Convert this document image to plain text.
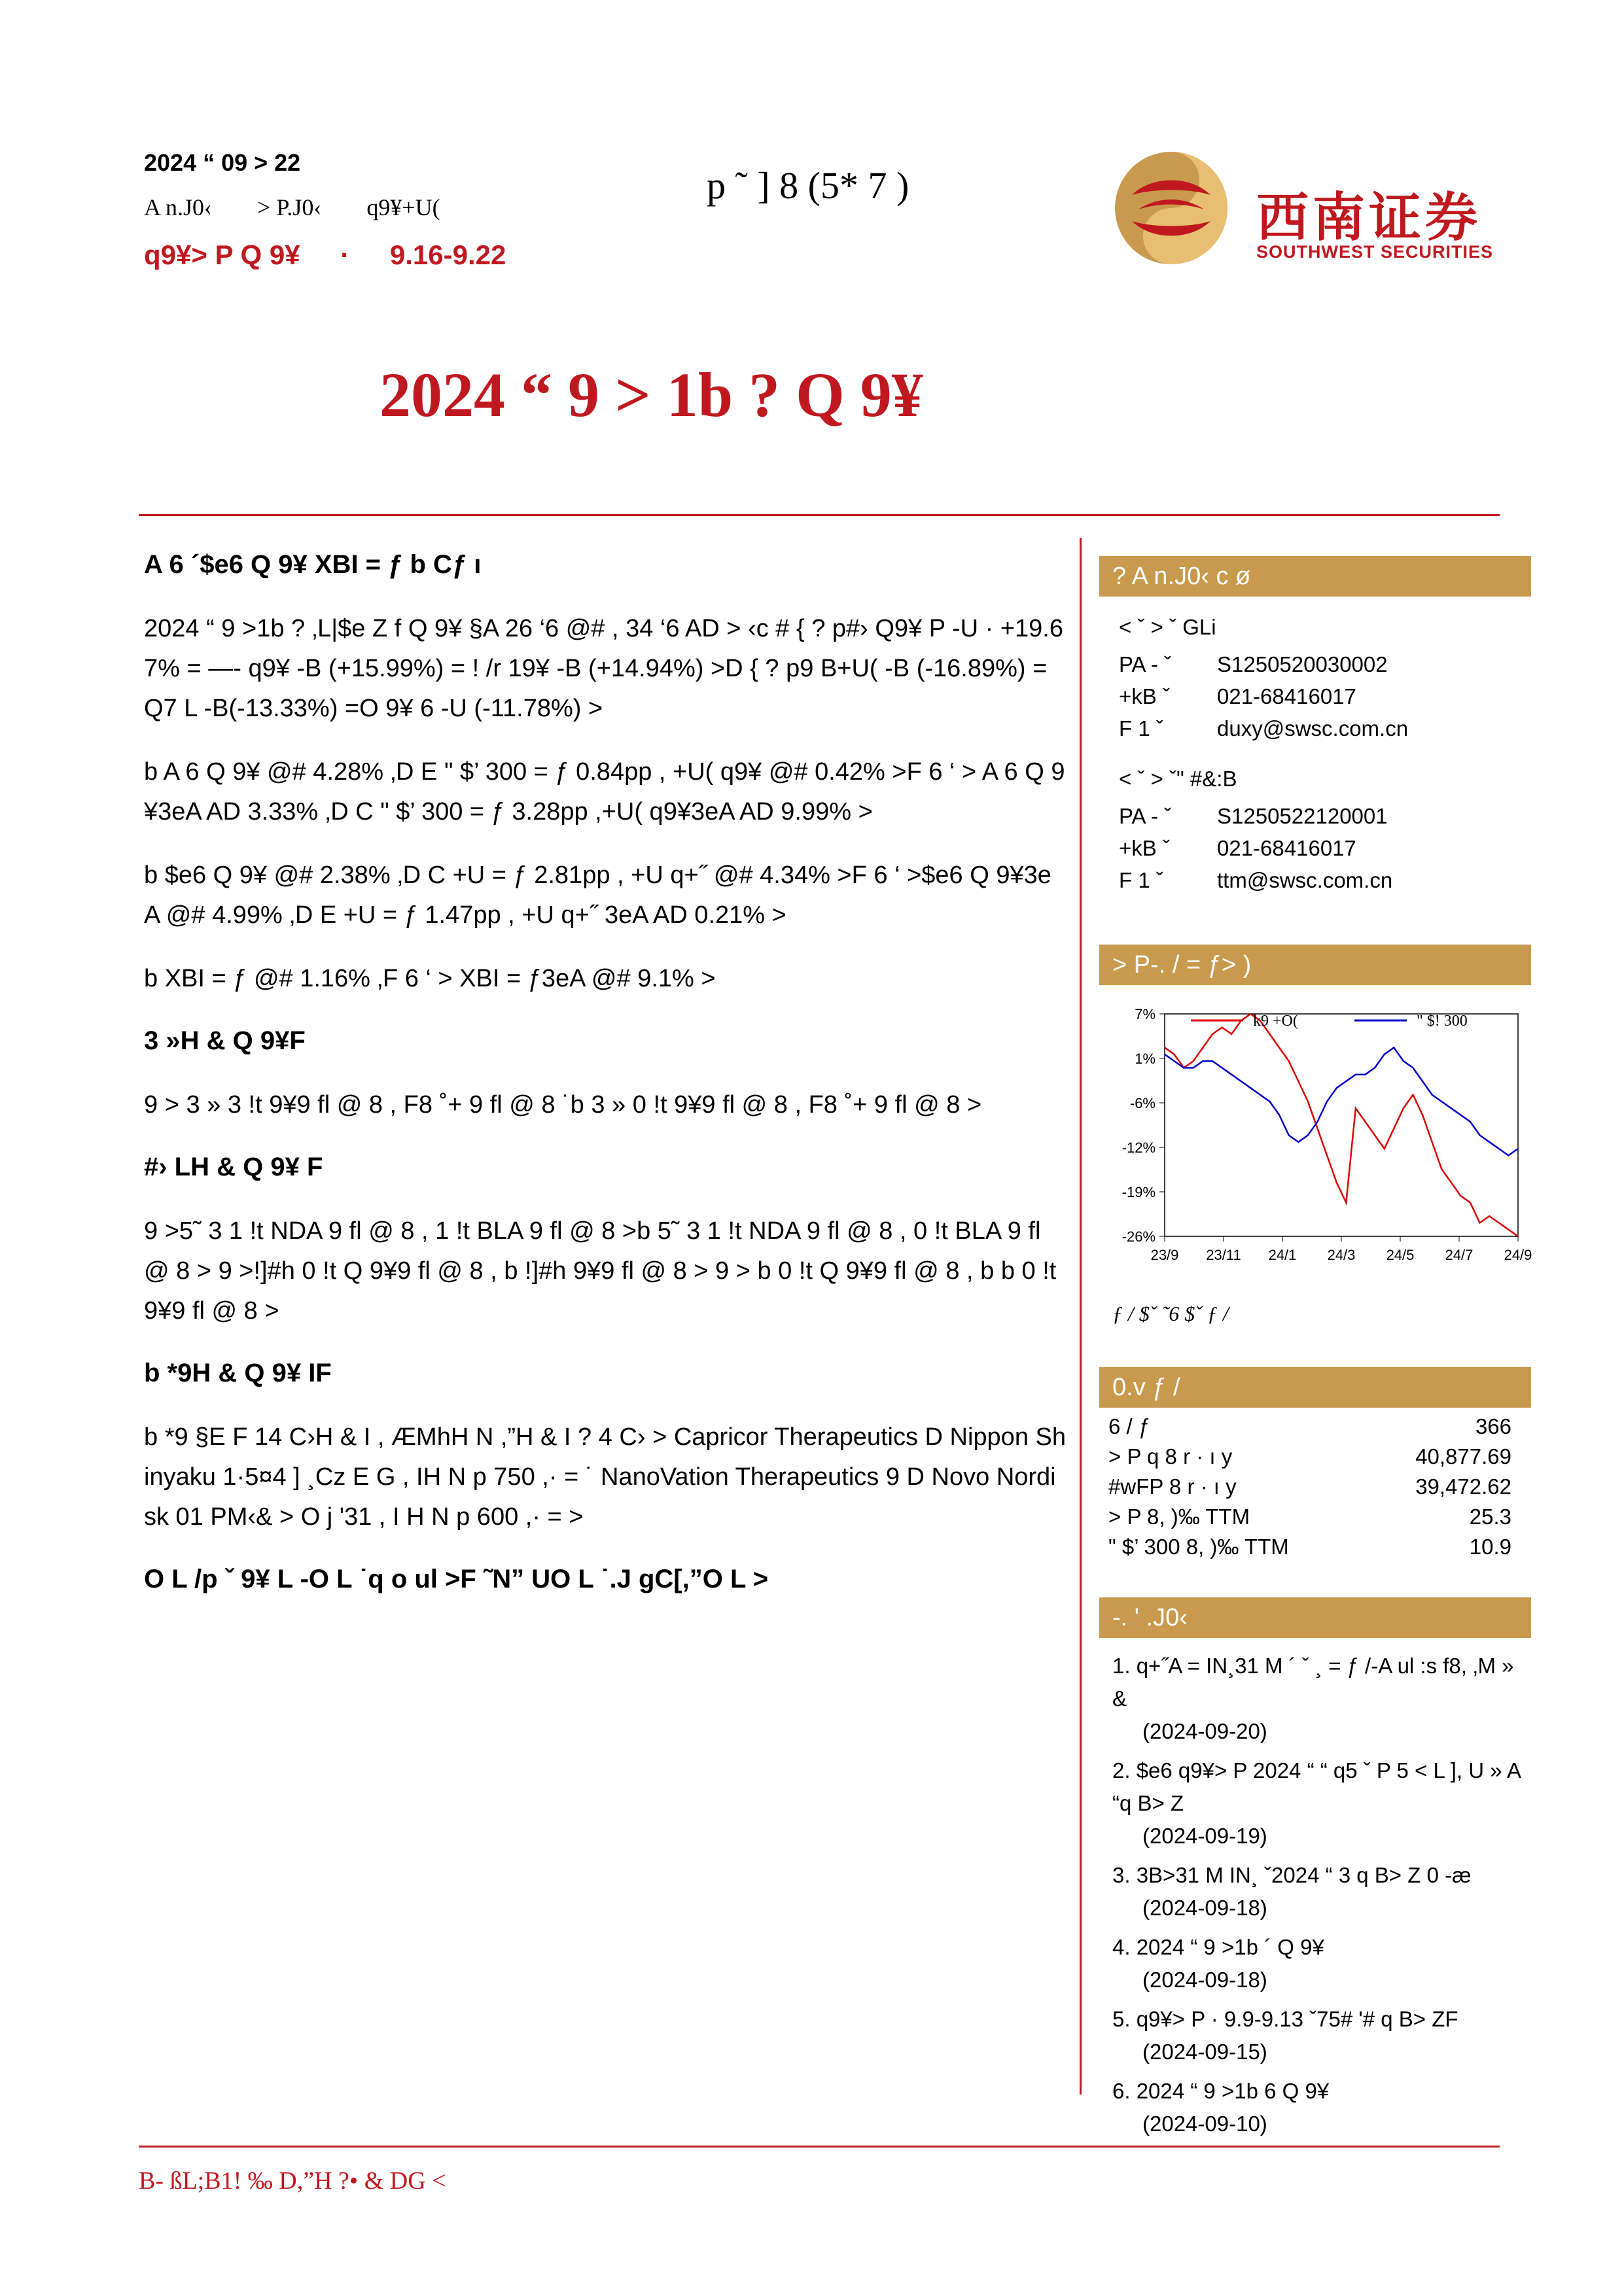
2024 “ 09 > 22
A n.J0‹ > P.J0‹ q9¥+U(
q9¥> P Q 9¥ · 9.16-9.22
p ˜ ] 8 (5* 7 )
西南证券
SOUTHWEST SECURITIES
2024 “ 9 > 1b ? Q 9¥
A 6 ´$e6 Q 9¥ XBI = ƒ b Cƒ ı
2024 “ 9 >1b ? ‚L|$e Z f Q 9¥ §A 26 ‘6 @# , 34 ‘6 AD > ‹c # { ? p#› Q9¥ P -U · +19.67% = —- q9¥ -B (+15.99%) = ! /r 19¥ -B (+14.94%) >D { ? p9 B+U( -B (-16.89%) = Q7 L -B(-13.33%) =O 9¥ 6 -U (-11.78%) >
b A 6 Q 9¥ @# 4.28% ‚D E " $’ 300 = ƒ 0.84pp , +U( q9¥ @# 0.42% >F 6 ‘ > A 6 Q 9¥3eA AD 3.33% ‚D C " $’ 300 = ƒ 3.28pp ,+U( q9¥3eA AD 9.99% >
b $e6 Q 9¥ @# 2.38% ‚D C +U = ƒ 2.81pp , +U q+˝ @# 4.34% >F 6 ‘ >$e6 Q 9¥3eA @# 4.99% ‚D E +U = ƒ 1.47pp , +U q+˝ 3eA AD 0.21% >
b XBI = ƒ @# 1.16% ‚F 6 ‘ > XBI = ƒ3eA @# 9.1% >
3 »H & Q 9¥F
9 > 3 » 3 !t 9¥9 fl @ 8 , F8 ˚+ 9 fl @ 8 ˙b 3 » 0 !t 9¥9 fl @ 8 , F8 ˚+ 9 fl @ 8 >
#› LH & Q 9¥ F
9 >5˜ 3 1 !t NDA 9 fl @ 8 , 1 !t BLA 9 fl @ 8 >b 5˜ 3 1 !t NDA 9 fl @ 8 , 0 !t BLA 9 fl @ 8 > 9 >!]#h 0 !t Q 9¥9 fl @ 8 , b !]#h 9¥9 fl @ 8 > 9 > b 0 !t Q 9¥9 fl @ 8 , b b 0 !t 9¥9 fl @ 8 >
b *9H & Q 9¥ IF
b *9 §E F 14 C›H & I , ÆMhH N ,”H & I ? 4 C› > Capricor Therapeutics D Nippon Shinyaku 1·5¤4 ] ¸Cz E G , IH N p 750 ,· = ˙ NanoVation Therapeutics 9 D Novo Nordisk 01 PM‹& > O j '31 , I H N p 600 ,· = >
O L /p ˇ 9¥ L -O L ˙q o ul >F ˜N” UO L ˙.J gC[,”O L >
? A n.J0‹ c ø
< ˇ > ˇ GLi
PA - ˇ S1250520030002
+kB ˇ 021-68416017
F 1 ˇ duxy@swsc.com.cn
< ˇ > ˇ" #&:B
PA - ˇ S1250522120001
+kB ˇ 021-68416017
F 1 ˇ ttm@swsc.com.cn
> P-. / = ƒ> )
7%
1%
-6%
-12%
-19%
-26%
23/9 23/11 24/1 24/3 24/5 24/7 24/9
k9 +O(	" $! 300
ƒ / $ˇ ˜6 $ˇ ƒ /
0.v ƒ /
6 / ƒ	366
> P q 8 r · ı y	40,877.69
#wFP 8 r · ı y	39,472.62
> P 8, )‰ TTM	25.3
" $’ 300 8, )‰ TTM	10.9
-. ' .J0‹
1. q+˝A = IN¸31 M ´ ˇ ¸ = ƒ /-A ul :s f8, ‚M » &
(2024-09-20)
2. $e6 q9¥> P 2024 “ “ q5 ˇ P 5 < L ], U » A “q B> Z
(2024-09-19)
3. 3B>31 M IN¸ ˇ2024 “ 3 q B> Z 0 -æ
(2024-09-18)
4. 2024 “ 9 >1b ´ Q 9¥
(2024-09-18)
5. q9¥> P · 9.9-9.13 ˇ75# '# q B> ZF
(2024-09-15)
6. 2024 “ 9 >1b 6 Q 9¥
(2024-09-10)
B- ßL;B1! ‰ D,”H ?• & DG <
